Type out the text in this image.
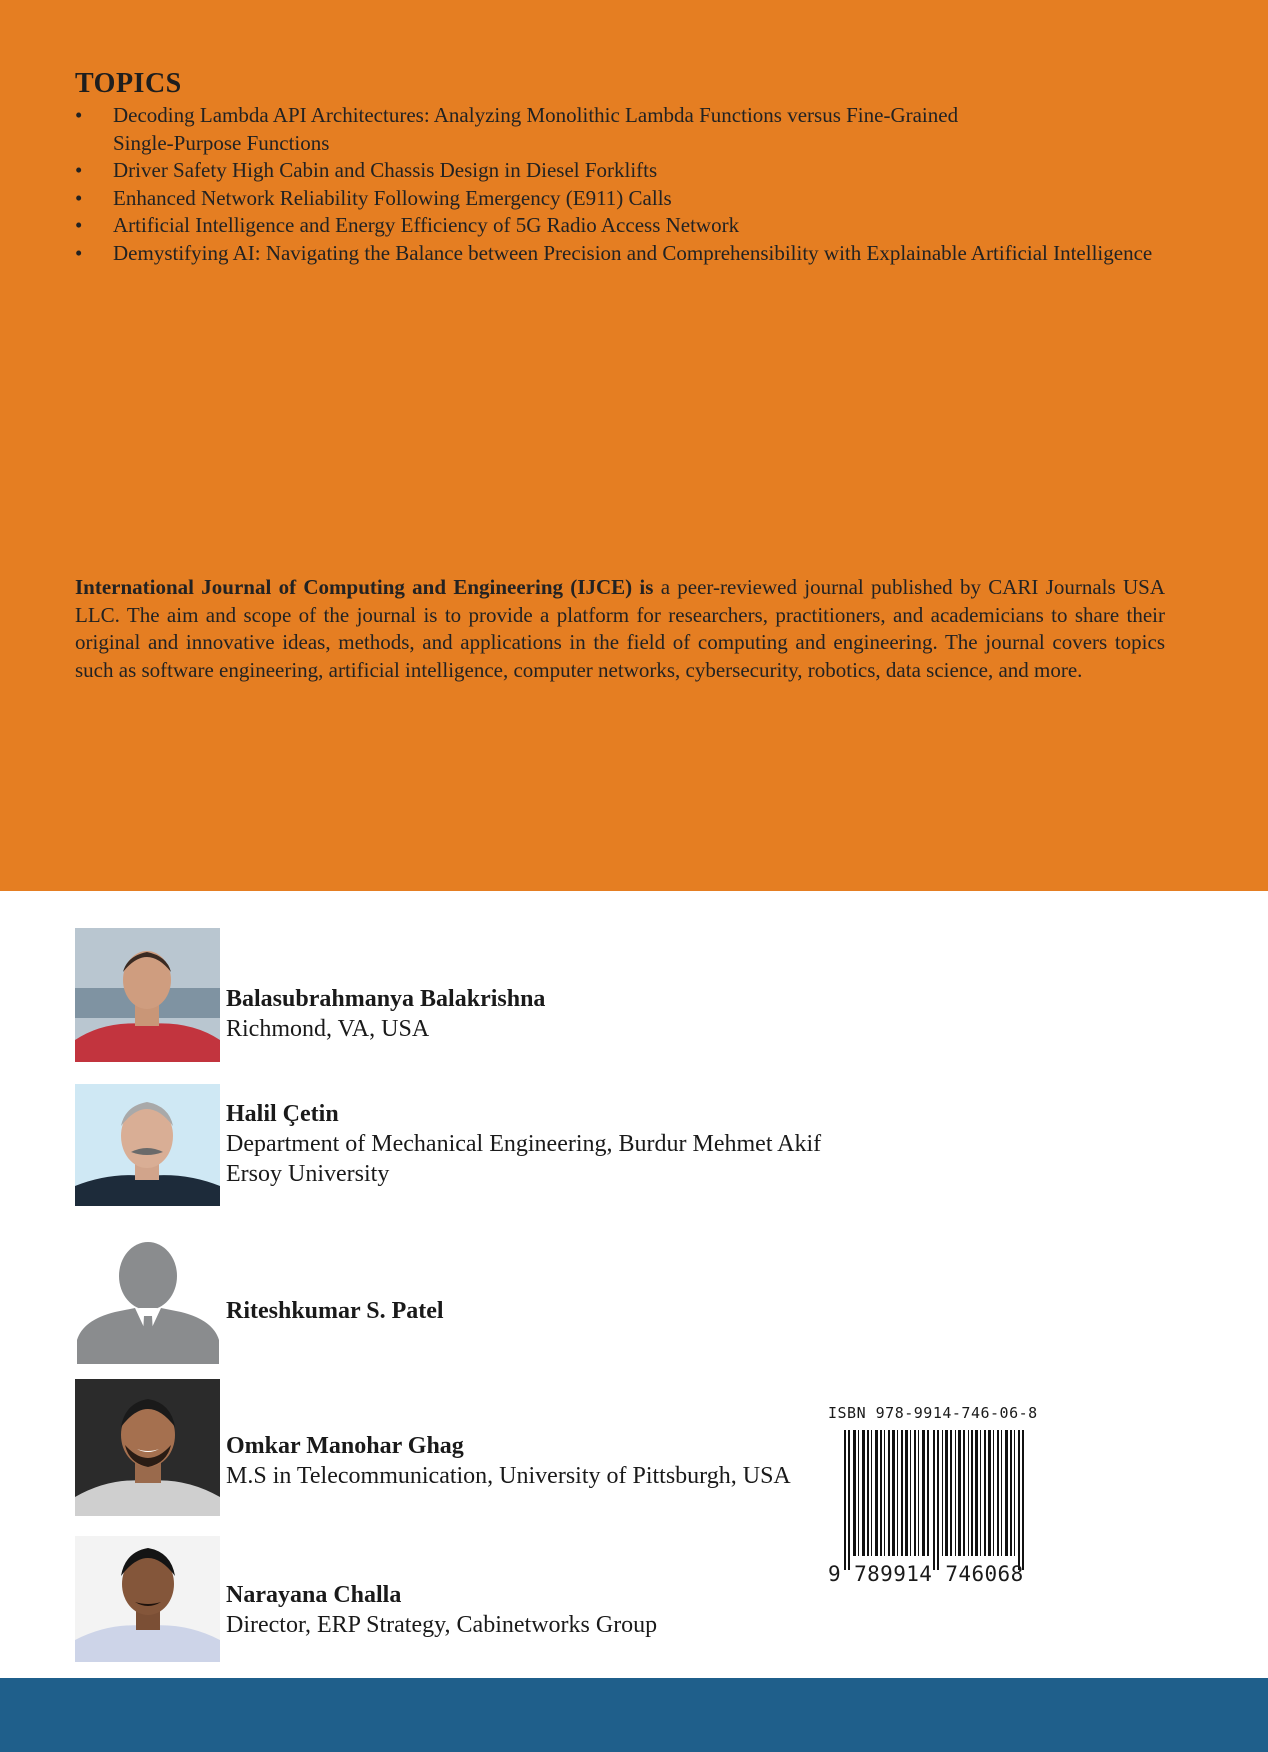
TOPICS
• Decoding Lambda API Architectures: Analyzing Monolithic Lambda Functions versus Fine-Grained
Single-Purpose Functions
• Driver Safety High Cabin and Chassis Design in Diesel Forklifts
• Enhanced Network Reliability Following Emergency (E911) Calls
• Artificial Intelligence and Energy Efficiency of 5G Radio Access Network
• Demystifying AI: Navigating the Balance between Precision and Comprehensibility with Explainable Artificial Intelligence
International Journal of Computing and Engineering (IJCE) is a peer-reviewed journal published by CARI Journals USA LLC. The aim and scope of the journal is to provide a platform for researchers, practitioners, and academicians to share their original and innovative ideas, methods, and applications in the field of computing and engineering. The journal covers topics such as software engineering, artificial intelligence, computer networks, cybersecurity, robotics, data science, and more.
Balasubrahmanya Balakrishna
Richmond, VA, USA
Halil Çetin
Department of Mechanical Engineering, Burdur Mehmet Akif Ersoy University
Riteshkumar S. Patel
Omkar Manohar Ghag
M.S in Telecommunication, University of Pittsburgh, USA
Narayana Challa
Director, ERP Strategy, Cabinetworks Group
ISBN 978-9914-746-06-8
9 789914 746068
